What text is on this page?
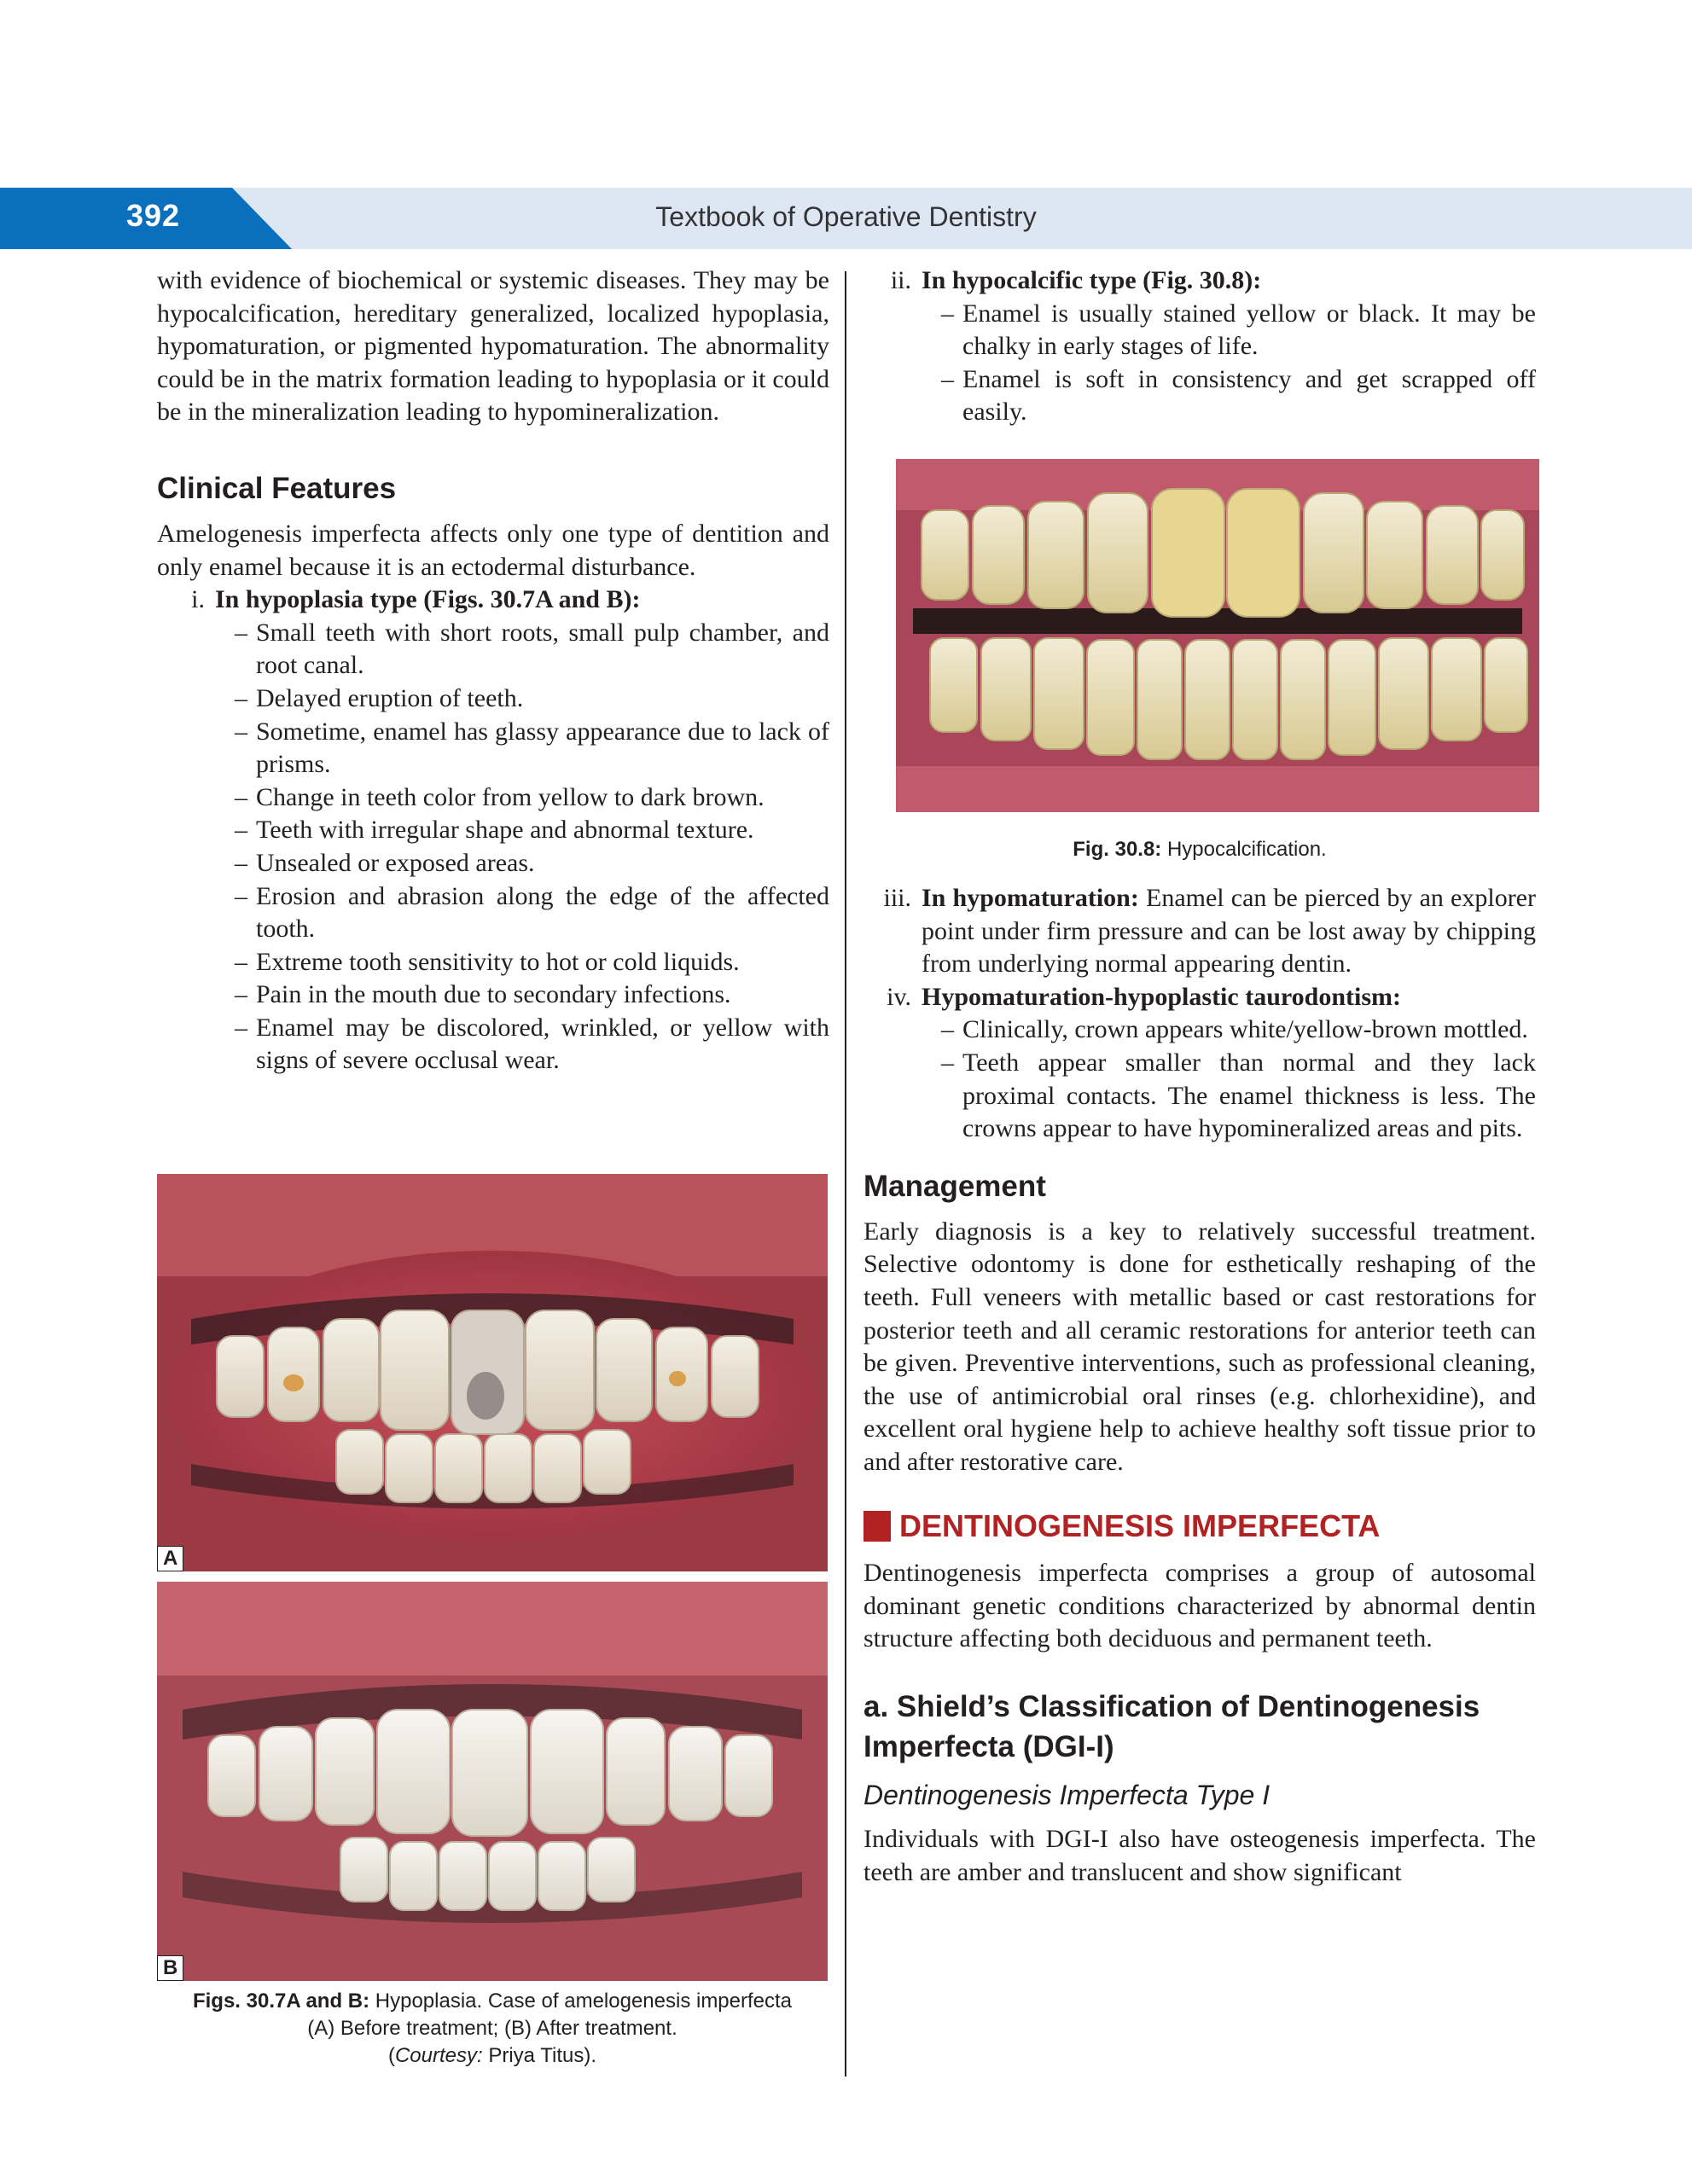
392	Textbook of Operative Dentistry

with evidence of biochemical or systemic diseases. They may be hypocalcification, hereditary generalized, localized hypoplasia, hypomaturation, or pigmented hypomaturation. The abnormality could be in the matrix formation leading to hypoplasia or it could be in the mineralization leading to hypomineralization.

Clinical Features

Amelogenesis imperfecta affects only one type of dentition and only enamel because it is an ectodermal disturbance.

i. In hypoplasia type (Figs. 30.7A and B):
– Small teeth with short roots, small pulp chamber, and root canal.
– Delayed eruption of teeth.
– Sometime, enamel has glassy appearance due to lack of prisms.
– Change in teeth color from yellow to dark brown.
– Teeth with irregular shape and abnormal texture.
– Unsealed or exposed areas.
– Erosion and abrasion along the edge of the affected tooth.
– Extreme tooth sensitivity to hot or cold liquids.
– Pain in the mouth due to secondary infections.
– Enamel may be discolored, wrinkled, or yellow with signs of severe occlusal wear.
A
B
Figs. 30.7A and B: Hypoplasia. Case of amelogenesis imperfecta
(A) Before treatment; (B) After treatment.
(Courtesy: Priya Titus).
ii. In hypocalcific type (Fig. 30.8):
– Enamel is usually stained yellow or black. It may be chalky in early stages of life.
– Enamel is soft in consistency and get scrapped off easily.
Fig. 30.8: Hypocalcification.
iii. In hypomaturation: Enamel can be pierced by an explorer point under firm pressure and can be lost away by chipping from underlying normal appearing dentin.
iv. Hypomaturation-hypoplastic taurodontism:
– Clinically, crown appears white/yellow-brown mottled.
– Teeth appear smaller than normal and they lack proximal contacts. The enamel thickness is less. The crowns appear to have hypomineralized areas and pits.
Management

Early diagnosis is a key to relatively successful treatment. Selective odontomy is done for esthetically reshaping of the teeth. Full veneers with metallic based or cast restorations for posterior teeth and all ceramic restorations for anterior teeth can be given. Preventive interventions, such as professional cleaning, the use of antimicrobial oral rinses (e.g. chlorhexidine), and excellent oral hygiene help to achieve healthy soft tissue prior to and after restorative care.

DENTINOGENESIS IMPERFECTA

Dentinogenesis imperfecta comprises a group of autosomal dominant genetic conditions characterized by abnormal dentin structure affecting both deciduous and permanent teeth.

a. Shield’s Classification of Dentinogenesis
Imperfecta (DGI-I)
Dentinogenesis Imperfecta Type I

Individuals with DGI-I also have osteogenesis imperfecta. The teeth are amber and translucent and show significant
